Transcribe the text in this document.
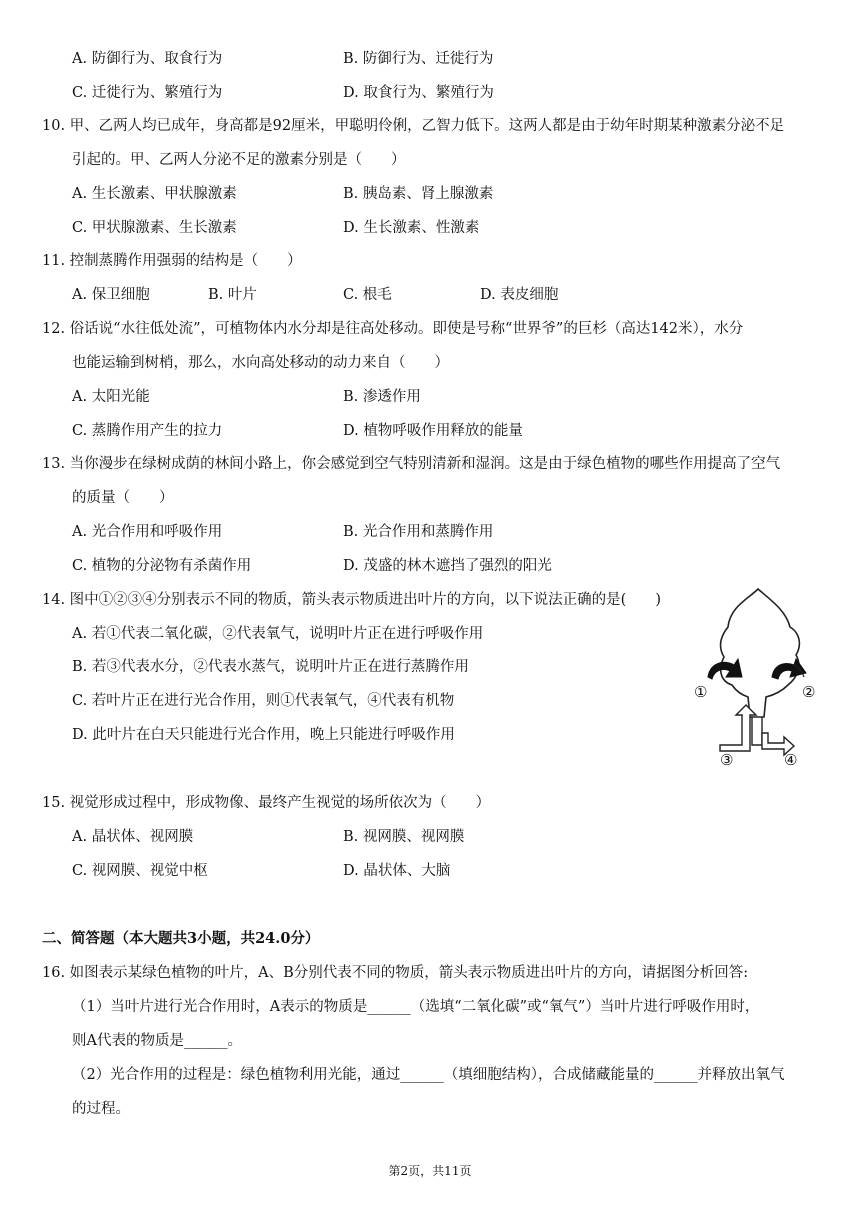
A. 防御行为、取食行为	B. 防御行为、迁徙行为
C. 迁徙行为、繁殖行为	D. 取食行为、繁殖行为
10. 甲、乙两人均已成年，身高都是92厘米，甲聪明伶俐，乙智力低下。这两人都是由于幼年时期某种激素分泌不足
引起的。甲、乙两人分泌不足的激素分别是（　　）
A. 生长激素、甲状腺激素	B. 胰岛素、肾上腺激素
C. 甲状腺激素、生长激素	D. 生长激素、性激素
11. 控制蒸腾作用强弱的结构是（　　）
A. 保卫细胞	B. 叶片	C. 根毛	D. 表皮细胞
12. 俗话说“水往低处流”，可植物体内水分却是往高处移动。即使是号称“世界爷”的巨杉（高达142米），水分
也能运输到树梢，那么，水向高处移动的动力来自（　　）
A. 太阳光能	B. 渗透作用
C. 蒸腾作用产生的拉力	D. 植物呼吸作用释放的能量
13. 当你漫步在绿树成荫的林间小路上，你会感觉到空气特别清新和湿润。这是由于绿色植物的哪些作用提高了空气
的质量（　　）
A. 光合作用和呼吸作用	B. 光合作用和蒸腾作用
C. 植物的分泌物有杀菌作用	D. 茂盛的林木遮挡了强烈的阳光
14. 图中①②③④分别表示不同的物质，箭头表示物质进出叶片的方向，以下说法正确的是(　　)
A. 若①代表二氧化碳，②代表氧气，说明叶片正在进行呼吸作用
B. 若③代表水分，②代表水蒸气，说明叶片正在进行蒸腾作用
C. 若叶片正在进行光合作用，则①代表氧气，④代表有机物
D. 此叶片在白天只能进行光合作用，晚上只能进行呼吸作用
①	②
③	④
15. 视觉形成过程中，形成物像、最终产生视觉的场所依次为（　　）
A. 晶状体、视网膜	B. 视网膜、视网膜
C. 视网膜、视觉中枢	D. 晶状体、大脑
二、简答题（本大题共3小题，共24.0分）
16. 如图表示某绿色植物的叶片，A、B分别代表不同的物质，箭头表示物质进出叶片的方向，请据图分析回答:
（1）当叶片进行光合作用时，A表示的物质是______（选填“二氧化碳”或“氧气”）当叶片进行呼吸作用时，
则A代表的物质是______。
（2）光合作用的过程是：绿色植物利用光能，通过______（填细胞结构），合成储藏能量的______并释放出氧气
的过程。
第2页，共11页
